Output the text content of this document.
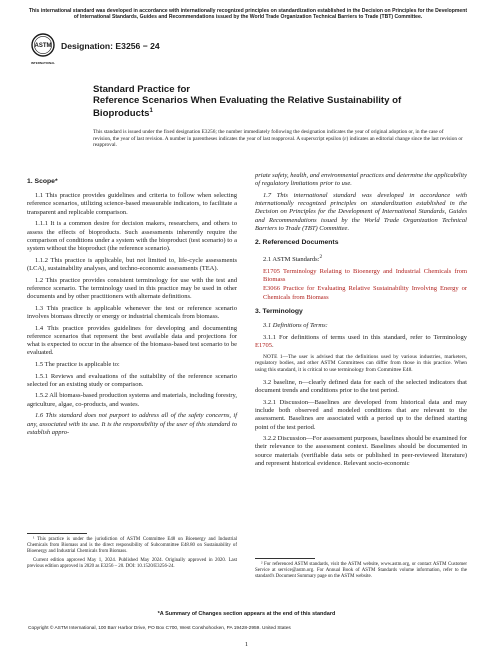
This international standard was developed in accordance with internationally recognized principles on standardization established in the Decision on Principles for the Development of International Standards, Guides and Recommendations issued by the World Trade Organization Technical Barriers to Trade (TBT) Committee.
ASTM
INTERNATIONAL
Designation: E3256 − 24
Standard Practice for
Reference Scenarios When Evaluating the Relative Sustainability of Bioproducts$^1$
This standard is issued under the fixed designation E3256; the number immediately following the designation indicates the year of original adoption or, in the case of revision, the year of last revision. A number in parentheses indicates the year of last reapproval. A superscript epsilon (ε) indicates an editorial change since the last revision or reapproval.
1. Scope*

1.1 This practice provides guidelines and criteria to follow when selecting reference scenarios, utilizing science-based measurable indicators, to facilitate a transparent and replicable comparison.

1.1.1 It is a common desire for decision makers, researchers, and others to assess the effects of bioproducts. Such assessments inherently require the comparison of conditions under a system with the bioproduct (test scenario) to a system without the bioproduct (the reference scenario).

1.1.2 This practice is applicable, but not limited to, life-cycle assessments (LCA), sustainability analyses, and techno-economic assessments (TEA).

1.2 This practice provides consistent terminology for use with the test and reference scenario. The terminology used in this practice may be used in other documents and by other practitioners with alternate definitions.

1.3 This practice is applicable whenever the test or reference scenario involves biomass directly or energy or industrial chemicals from biomass.

1.4 This practice provides guidelines for developing and documenting reference scenarios that represent the best available data and projections for what is expected to occur in the absence of the biomass-based test scenario to be evaluated.

1.5 The practice is applicable to:

1.5.1 Reviews and evaluations of the suitability of the reference scenario selected for an existing study or comparison.

1.5.2 All biomass-based production systems and materials, including forestry, agriculture, algae, co-products, and wastes.

1.6 This standard does not purport to address all of the safety concerns, if any, associated with its use. It is the responsibility of the user of this standard to establish appro-

¹ This practice is under the jurisdiction of ASTM Committee E48 on Bioenergy and Industrial Chemicals from Biomass and is the direct responsibility of Subcommittee E48.80 on Sustainability of Bioenergy and Industrial Chemicals from Biomass.

Current edition approved May 1, 2024. Published May 2024. Originally approved in 2020. Last previous edition approved in 2020 as E3256 – 20. DOI: 10.1520/E3256-24.

priate safety, health, and environmental practices and determine the applicability of regulatory limitations prior to use.

1.7 This international standard was developed in accordance with internationally recognized principles on standardization established in the Decision on Principles for the Development of International Standards, Guides and Recommendations issued by the World Trade Organization Technical Barriers to Trade (TBT) Committee.

2. Referenced Documents

2.1 ASTM Standards:$^2$

E1705 Terminology Relating to Bioenergy and Industrial Chemicals from Biomass
E3066 Practice for Evaluating Relative Sustainability Involving Energy or Chemicals from Biomass
3. Terminology

3.1 Definitions of Terms:

3.1.1 For definitions of terms used in this standard, refer to Terminology E1705.

NOTE 1—The user is advised that the definitions used by various industries, marketers, regulatory bodies, and other ASTM Committees can differ from those in this practice. When using this standard, it is critical to use terminology from Committee E48.

3.2 baseline, n—clearly defined data for each of the selected indicators that document trends and conditions prior to the test period.

3.2.1 Discussion—Baselines are developed from historical data and may include both observed and modeled conditions that are relevant to the assessment. Baselines are associated with a period up to the defined starting point of the test period.

3.2.2 Discussion—For assessment purposes, baselines should be examined for their relevance to the assessment context. Baselines should be documented in source materials (verifiable data sets or published in peer-reviewed literature) and represent historical evidence. Relevant socio-economic

² For referenced ASTM standards, visit the ASTM website, www.astm.org, or contact ASTM Customer Service at service@astm.org. For Annual Book of ASTM Standards volume information, refer to the standard's Document Summary page on the ASTM website.

*A Summary of Changes section appears at the end of this standard
Copyright © ASTM International, 100 Barr Harbor Drive, PO Box C700, West Conshohocken, PA 19428-2959. United States
1
